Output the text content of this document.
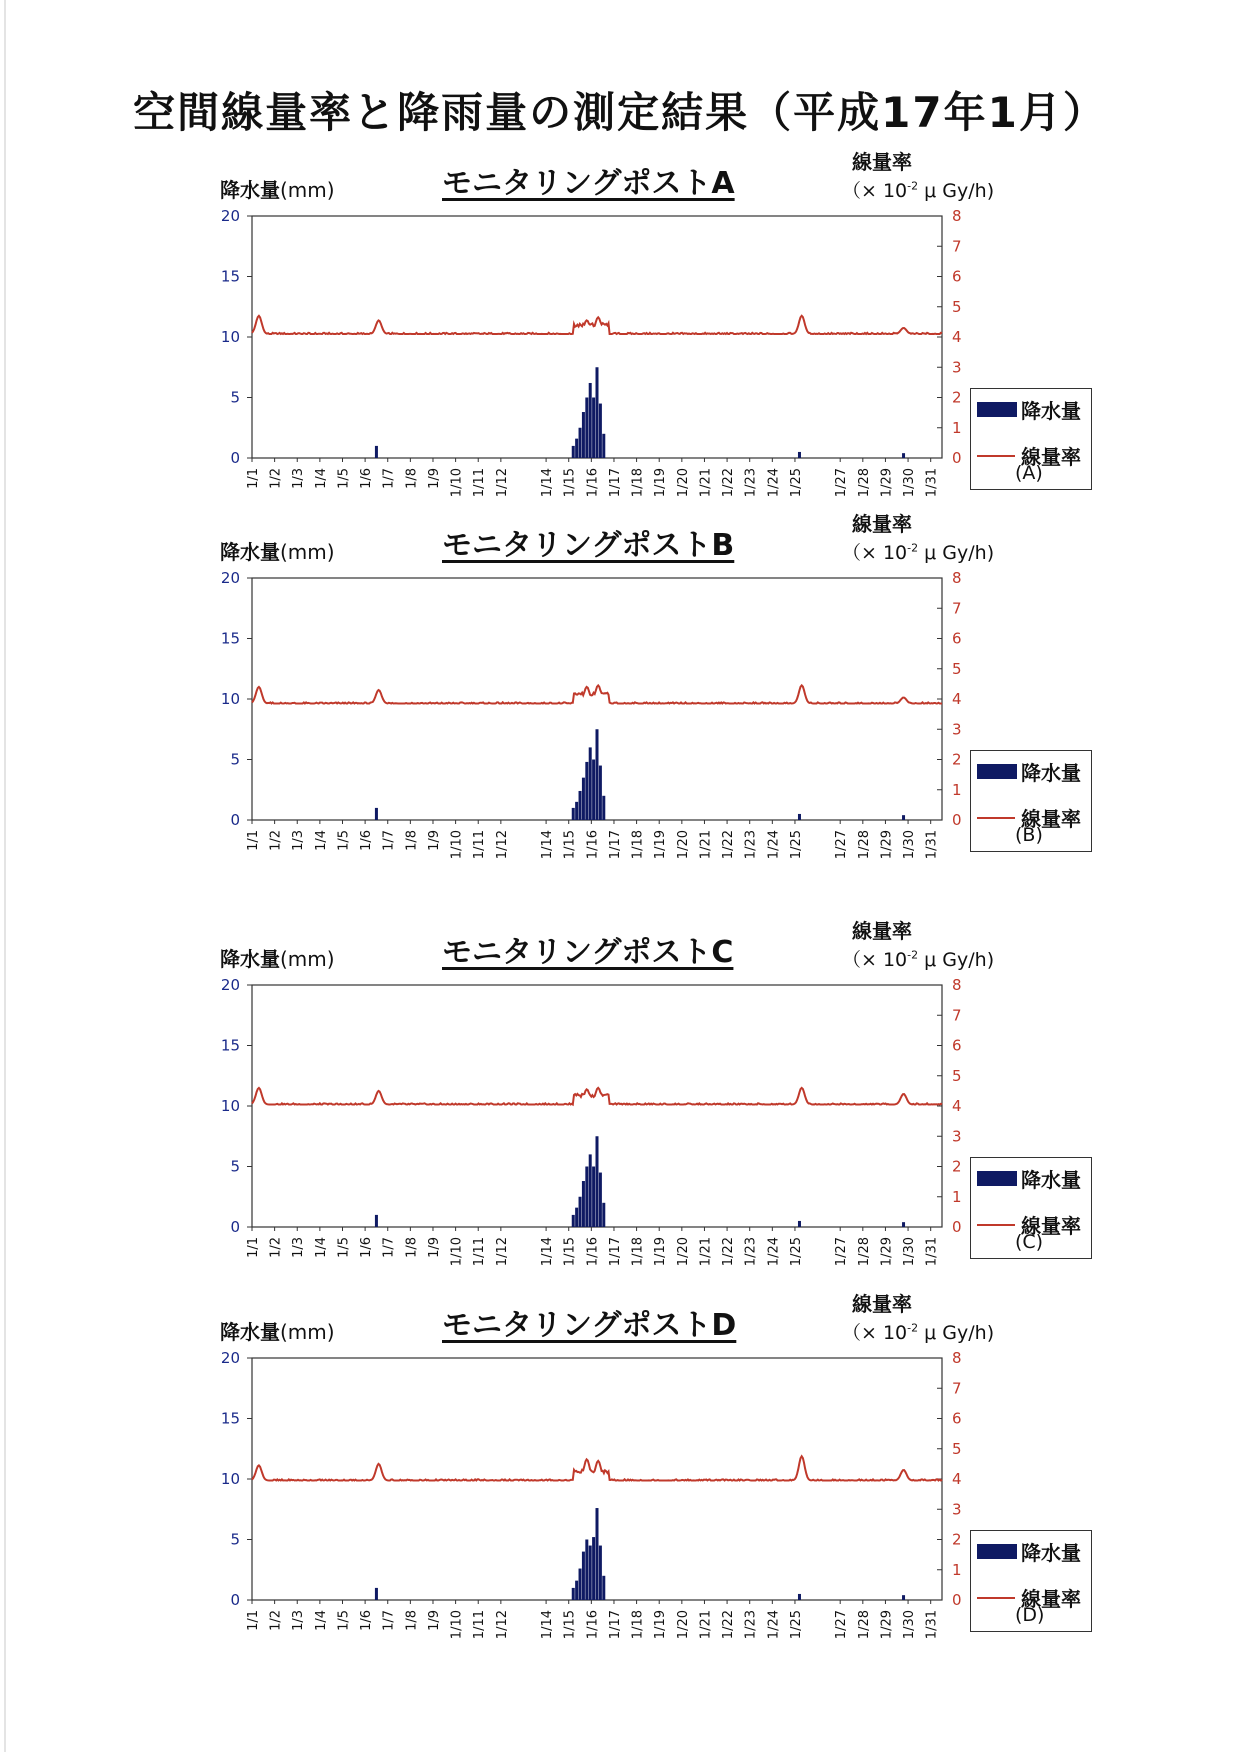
空間線量率と降雨量の測定結果（平成17年1月）
降水量(mm)	モニタリングポストA
線量率
（× $10^{-2}$ μ Gy/h)
0
5
10
15
20
0
1
2
3
4
5
6
7
8
1/1 1/2 1/3 1/4 1/5 1/6 1/7 1/8 1/9 1/10 1/11 1/12 1/14 1/15 1/16 1/17 1/18 1/19 1/20 1/21 1/22 1/23 1/24 1/25 1/27 1/28 1/29 1/30 1/31
降水量
線量率
(A)
降水量(mm)	モニタリングポストB
線量率
（× $10^{-2}$ μ Gy/h)
0
5
10
15
20
0
1
2
3
4
5
6
7
8
1/1 1/2 1/3 1/4 1/5 1/6 1/7 1/8 1/9 1/10 1/11 1/12 1/14 1/15 1/16 1/17 1/18 1/19 1/20 1/21 1/22 1/23 1/24 1/25 1/27 1/28 1/29 1/30 1/31
降水量
線量率
(B)
降水量(mm)	モニタリングポストC
線量率
（× $10^{-2}$ μ Gy/h)
0
5
10
15
20
0
1
2
3
4
5
6
7
8
1/1 1/2 1/3 1/4 1/5 1/6 1/7 1/8 1/9 1/10 1/11 1/12 1/14 1/15 1/16 1/17 1/18 1/19 1/20 1/21 1/22 1/23 1/24 1/25 1/27 1/28 1/29 1/30 1/31
降水量
線量率
(C)
降水量(mm)	モニタリングポストD
線量率
（× $10^{-2}$ μ Gy/h)
0
5
10
15
20
0
1
2
3
4
5
6
7
8
1/1 1/2 1/3 1/4 1/5 1/6 1/7 1/8 1/9 1/10 1/11 1/12 1/14 1/15 1/16 1/17 1/18 1/19 1/20 1/21 1/22 1/23 1/24 1/25 1/27 1/28 1/29 1/30 1/31
降水量
線量率
(D)
